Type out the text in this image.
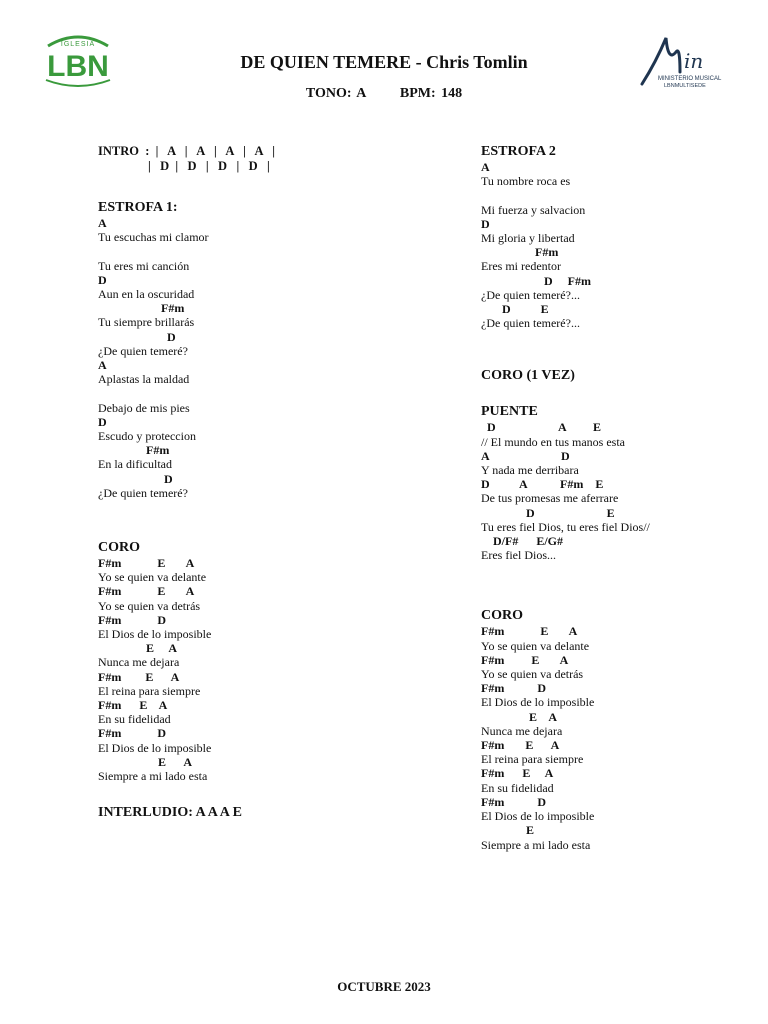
IGLESIA
LBN	in
MINISTERIO MUSICAL
LBNMULTISEDE
DE QUIEN TEMERE - Chris Tomlin
TONO: A BPM: 148
INTRO  :  |   A   |   A   |   A   |   A   |
|   D  |   D   |   D   |   D   |
ESTROFA 1:
A
Tu escuchas mi clamor
Tu eres mi canción
D
Aun en la oscuridad
F#m
Tu siempre brillarás
D
¿De quien temeré?
A
Aplastas la maldad
Debajo de mis pies
D
Escudo y proteccion
F#m
En la dificultad
D
¿De quien temeré?
CORO
F#m            E       A
Yo se quien va delante
F#m            E       A
Yo se quien va detrás
F#m            D
El Dios de lo imposible
E     A
Nunca me dejara
F#m        E      A
El reina para siempre
F#m      E    A
En su fidelidad
F#m            D
El Dios de lo imposible
E      A
Siempre a mi lado esta
INTERLUDIO: A A A E
ESTROFA 2
A
Tu nombre roca es
Mi fuerza y salvacion
D
Mi gloria y libertad
F#m
Eres mi redentor
D     F#m
¿De quien temeré?...
D          E
¿De quien temeré?...
CORO (1 VEZ)
PUENTE
D                     A         E
// El mundo en tus manos esta
A                        D
Y nada me derribara
D          A           F#m    E
De tus promesas me aferrare
D                        E
Tu eres fiel Dios, tu eres fiel Dios//
D/F#      E/G#
Eres fiel Dios...
CORO
F#m            E       A
Yo se quien va delante
F#m         E       A
Yo se quien va detrás
F#m           D
El Dios de lo imposible
E    A
Nunca me dejara
F#m       E      A
El reina para siempre
F#m      E     A
En su fidelidad
F#m           D
El Dios de lo imposible
E
Siempre a mi lado esta
OCTUBRE 2023
